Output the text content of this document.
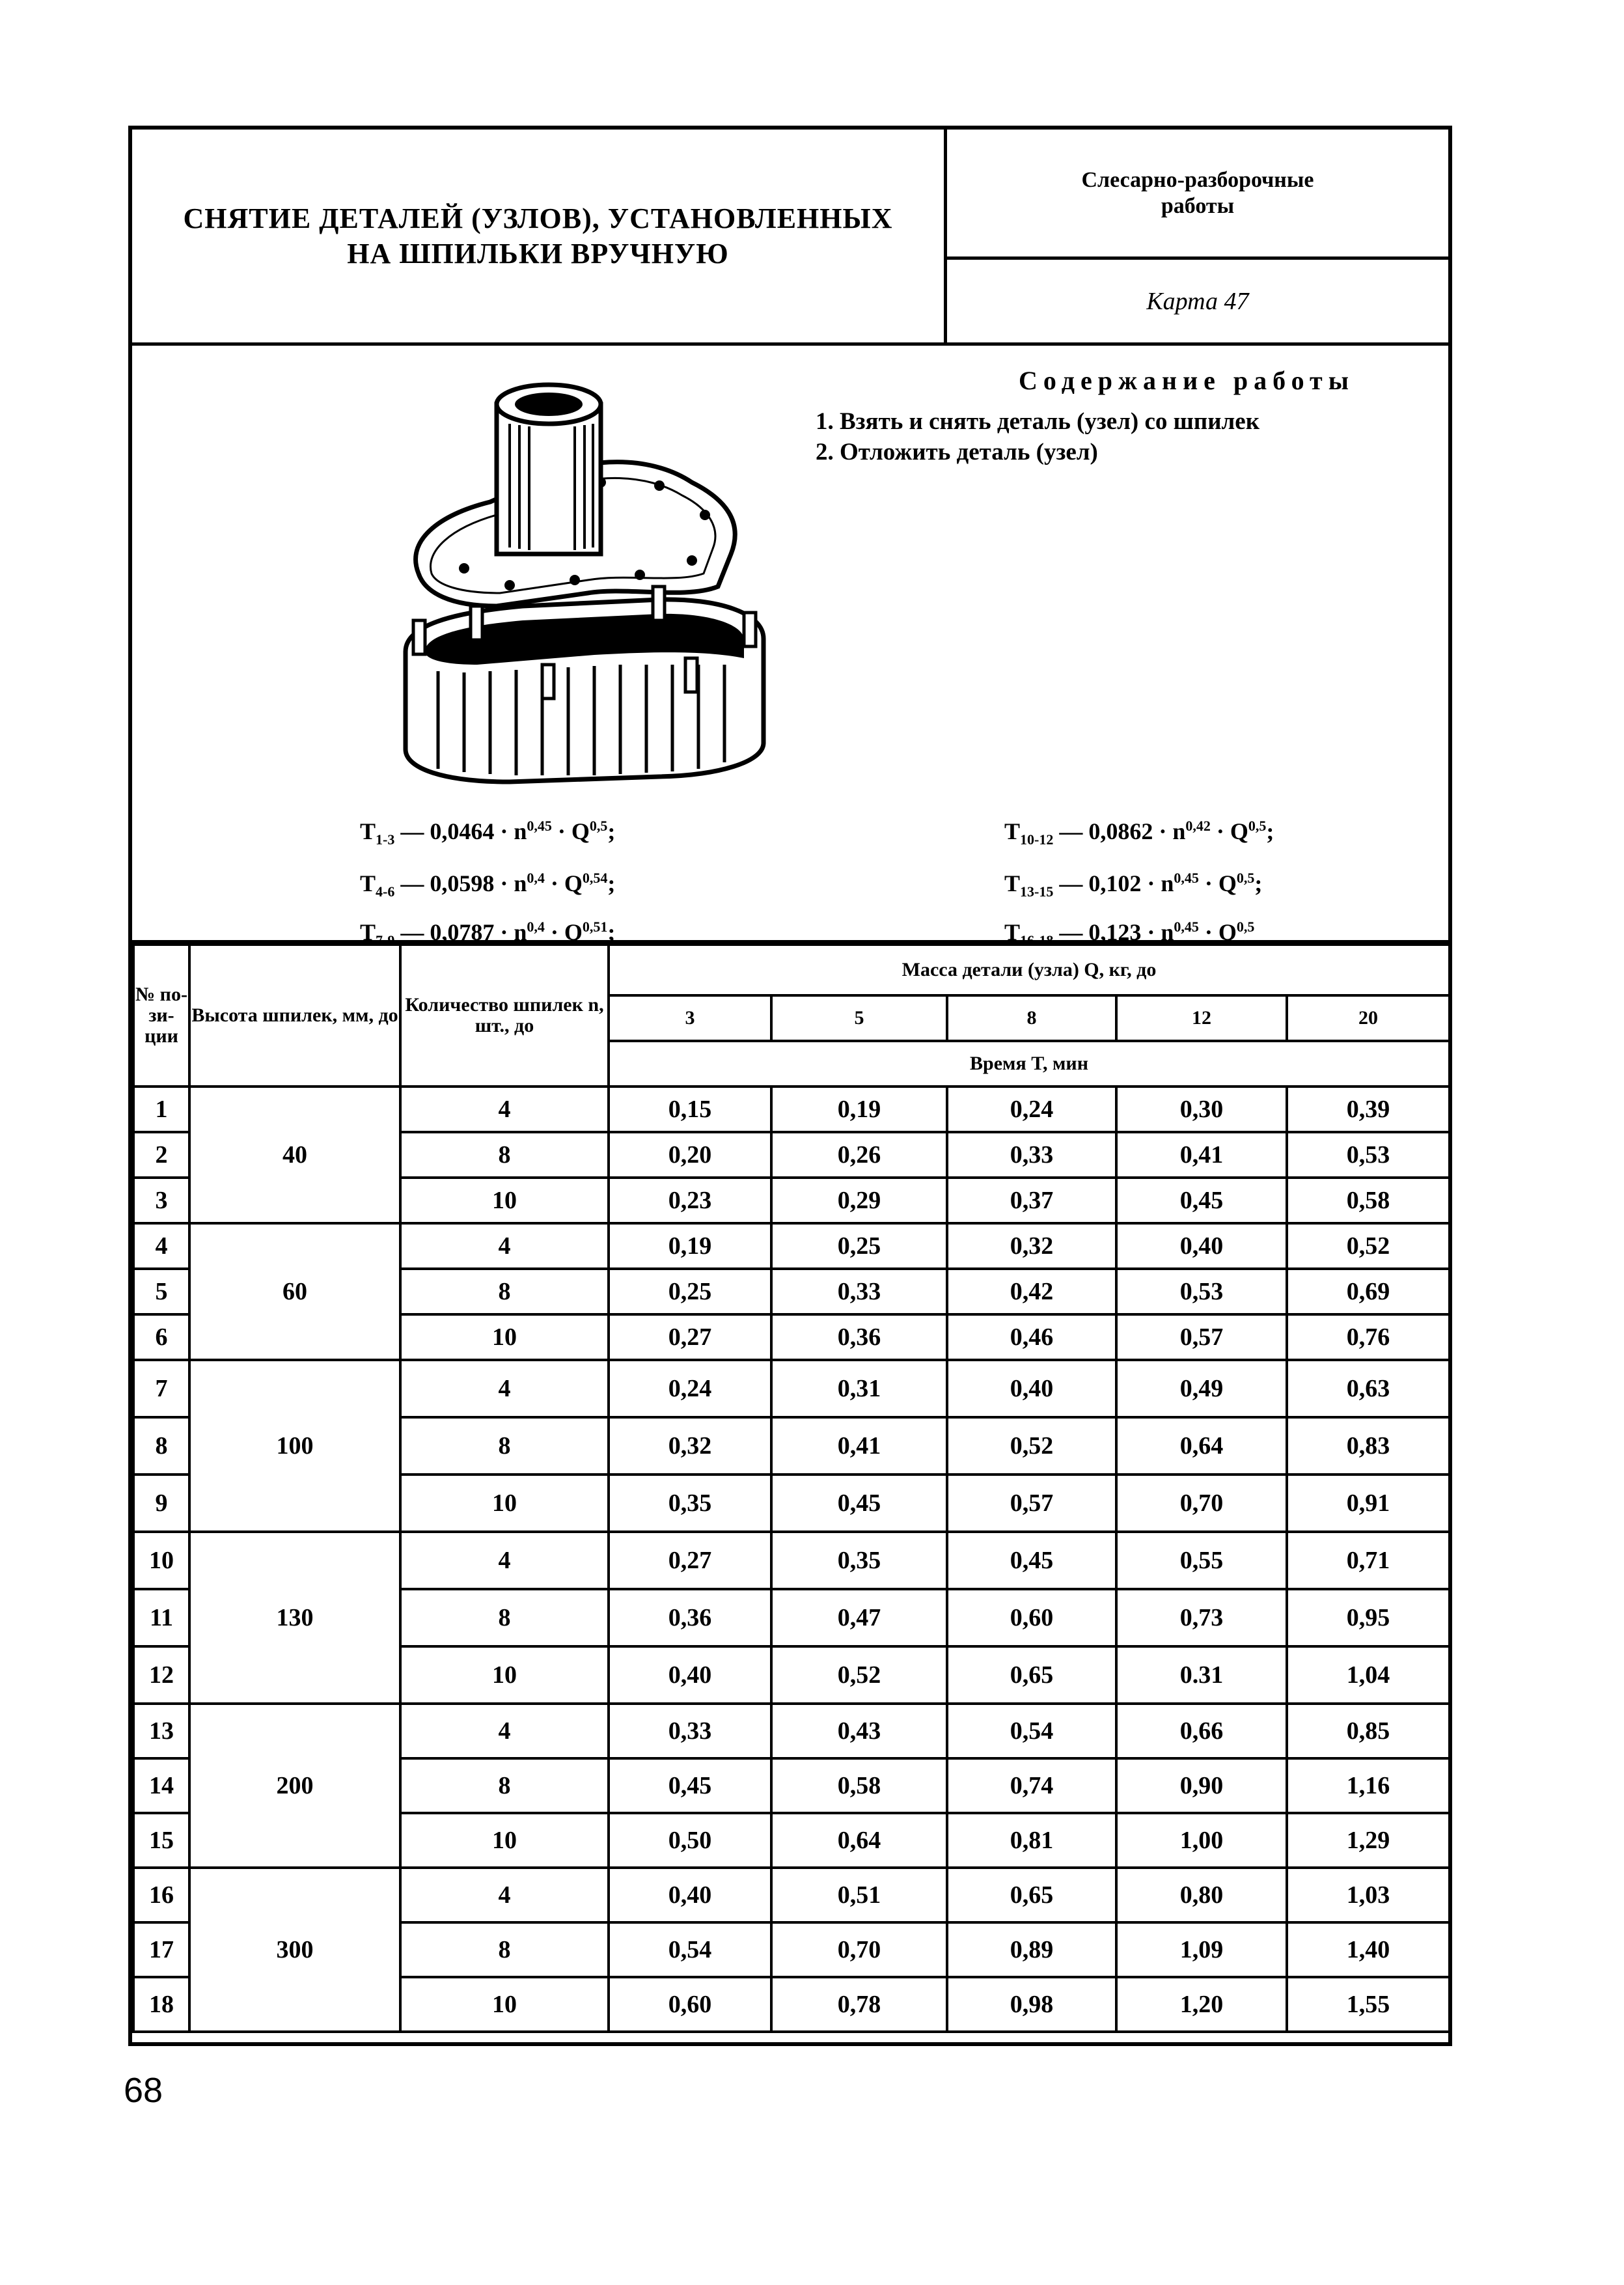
СНЯТИЕ ДЕТАЛЕЙ (УЗЛОВ), УСТАНОВЛЕННЫХ
НА ШПИЛЬКИ ВРУЧНУЮ
Слесарно-разборочные
работы
Карта 47
Содержание работы
1. Взять и снять деталь (узел) со шпилек
2. Отложить деталь (узел)
$T_{1-3}$ — $0,0464 \cdot n^{0,45} \cdot Q^{0,5}$;
$T_{4-6}$ — $0,0598 \cdot n^{0,4} \cdot Q^{0,54}$;
$T_{7-9}$ — $0,0787 \cdot n^{0,4} \cdot Q^{0,51}$;
$T_{10-12}$ — $0,0862 \cdot n^{0,42} \cdot Q^{0,5}$;
$T_{13-15}$ — $0,102 \cdot n^{0,45} \cdot Q^{0,5}$;
$T_{16-18}$ — $0,123 \cdot n^{0,45} \cdot Q^{0,5}$
№ по-зи-ции	Высота шпилек, мм, до	Количество шпилек n, шт., до	Масса детали (узла) Q, кг, до				
			3	5	8	12	20
			Время T, мин				
1	40	4	0,15	0,19	0,24	0,30	0,39
2		8	0,20	0,26	0,33	0,41	0,53
3		10	0,23	0,29	0,37	0,45	0,58
4	60	4	0,19	0,25	0,32	0,40	0,52
5		8	0,25	0,33	0,42	0,53	0,69
6		10	0,27	0,36	0,46	0,57	0,76
7	100	4	0,24	0,31	0,40	0,49	0,63
8		8	0,32	0,41	0,52	0,64	0,83
9		10	0,35	0,45	0,57	0,70	0,91
10	130	4	0,27	0,35	0,45	0,55	0,71
11		8	0,36	0,47	0,60	0,73	0,95
12		10	0,40	0,52	0,65	0.31	1,04
13	200	4	0,33	0,43	0,54	0,66	0,85
14		8	0,45	0,58	0,74	0,90	1,16
15		10	0,50	0,64	0,81	1,00	1,29
16	300	4	0,40	0,51	0,65	0,80	1,03
17		8	0,54	0,70	0,89	1,09	1,40
18		10	0,60	0,78	0,98	1,20	1,55
68
